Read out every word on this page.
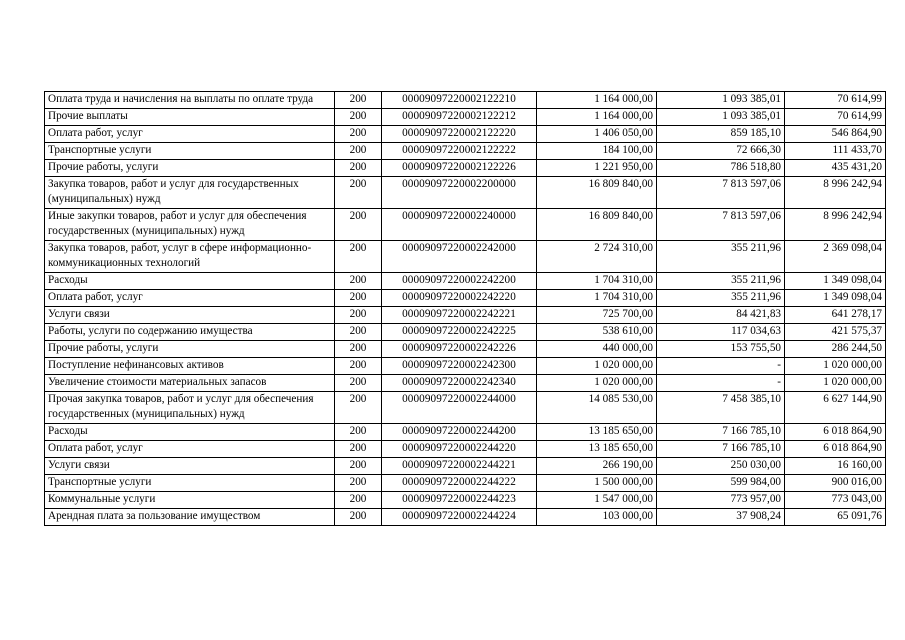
Оплата труда и начисления на выплаты по оплате труда	200	00009097220002122210	1 164 000,00	1 093 385,01	70 614,99
Прочие выплаты	200	00009097220002122212	1 164 000,00	1 093 385,01	70 614,99
Оплата работ, услуг	200	00009097220002122220	1 406 050,00	859 185,10	546 864,90
Транспортные услуги	200	00009097220002122222	184 100,00	72 666,30	111 433,70
Прочие работы, услуги	200	00009097220002122226	1 221 950,00	786 518,80	435 431,20
Закупка товаров, работ и услуг для государственных (муниципальных) нужд	200	00009097220002200000	16 809 840,00	7 813 597,06	8 996 242,94
Иные закупки товаров, работ и услуг для обеспечения государственных (муниципальных) нужд	200	00009097220002240000	16 809 840,00	7 813 597,06	8 996 242,94
Закупка товаров, работ, услуг в сфере информационно-коммуникационных технологий	200	00009097220002242000	2 724 310,00	355 211,96	2 369 098,04
Расходы	200	00009097220002242200	1 704 310,00	355 211,96	1 349 098,04
Оплата работ, услуг	200	00009097220002242220	1 704 310,00	355 211,96	1 349 098,04
Услуги связи	200	00009097220002242221	725 700,00	84 421,83	641 278,17
Работы, услуги по содержанию имущества	200	00009097220002242225	538 610,00	117 034,63	421 575,37
Прочие работы, услуги	200	00009097220002242226	440 000,00	153 755,50	286 244,50
Поступление нефинансовых активов	200	00009097220002242300	1 020 000,00	-	1 020 000,00
Увеличение стоимости материальных запасов	200	00009097220002242340	1 020 000,00	-	1 020 000,00
Прочая закупка товаров, работ и услуг для обеспечения государственных (муниципальных) нужд	200	00009097220002244000	14 085 530,00	7 458 385,10	6 627 144,90
Расходы	200	00009097220002244200	13 185 650,00	7 166 785,10	6 018 864,90
Оплата работ, услуг	200	00009097220002244220	13 185 650,00	7 166 785,10	6 018 864,90
Услуги связи	200	00009097220002244221	266 190,00	250 030,00	16 160,00
Транспортные услуги	200	00009097220002244222	1 500 000,00	599 984,00	900 016,00
Коммунальные услуги	200	00009097220002244223	1 547 000,00	773 957,00	773 043,00
Арендная плата за пользование имуществом	200	00009097220002244224	103 000,00	37 908,24	65 091,76
